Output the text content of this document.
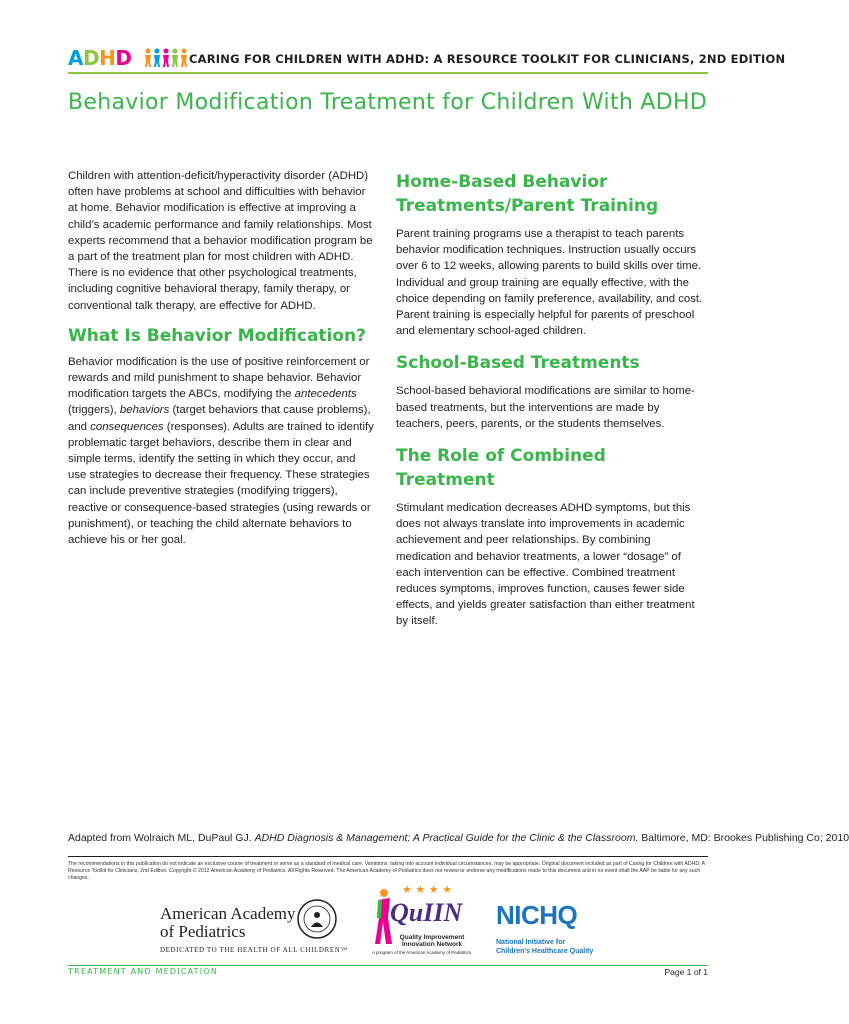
ADHD	CARING FOR CHILDREN WITH ADHD: A RESOURCE TOOLKIT FOR CLINICIANS, 2ND EDITION
Behavior Modification Treatment for Children With ADHD

Children with attention-deficit/hyperactivity disorder (ADHD) often have problems at school and difficulties with behavior at home. Behavior modification is effective at improving a child’s academic performance and family relationships. Most experts recommend that a behavior modification program be a part of the treatment plan for most children with ADHD. There is no evidence that other psychological treatments, including cognitive behavioral therapy, family therapy, or conventional talk therapy, are effective for ADHD.

What Is Behavior Modification?

Behavior modification is the use of positive reinforcement or rewards and mild punishment to shape behavior. Behavior modification targets the ABCs, modifying the antecedents (triggers), behaviors (target behaviors that cause problems), and consequences (responses). Adults are trained to identify problematic target behaviors, describe them in clear and simple terms, identify the setting in which they occur, and use strategies to decrease their frequency. These strategies can include preventive strategies (modifying triggers), reactive or consequence-based strategies (using rewards or punishment), or teaching the child alternate behaviors to achieve his or her goal.

Home-Based Behavior Treatments/Parent Training

Parent training programs use a therapist to teach parents behavior modification techniques. Instruction usually occurs over 6 to 12 weeks, allowing parents to build skills over time. Individual and group training are equally effective, with the choice depending on family preference, availability, and cost. Parent training is especially helpful for parents of preschool and elementary school-aged children.

School-Based Treatments

School-based behavioral modifications are similar to home-based treatments, but the interventions are made by teachers, peers, parents, or the students themselves.

The Role of Combined Treatment

Stimulant medication decreases ADHD symptoms, but this does not always translate into improvements in academic achievement and peer relationships. By combining medication and behavior treatments, a lower “dosage” of each intervention can be effective. Combined treatment reduces symptoms, improves function, causes fewer side effects, and yields greater satisfaction than either treatment by itself.

Adapted from Wolraich ML, DuPaul GJ. ADHD Diagnosis & Management: A Practical Guide for the Clinic & the Classroom. Baltimore, MD: Brookes Publishing Co; 2010
The recommendations in this publication do not indicate an exclusive course of treatment or serve as a standard of medical care. Variations, taking into account individual circumstances, may be appropriate. Original document included as part of Caring for Children with ADHD: A Resource Toolkit for Clinicians, 2nd Edition. Copyright © 2012 American Academy of Pediatrics. All Rights Reserved. The American Academy of Pediatrics does not review or endorse any modifications made to this document and in no event shall the AAP be liable for any such changes.
American Academy
of Pediatrics
DEDICATED TO THE HEALTH OF ALL CHILDREN™
★ ★ ★ ★
QuIIN
Quality Improvement Innovation Network
A program of the American Academy of Pediatrics
NICHQ
National Initiative for
Children’s Healthcare Quality
TREATMENT AND MEDICATION	Page 1 of 1
